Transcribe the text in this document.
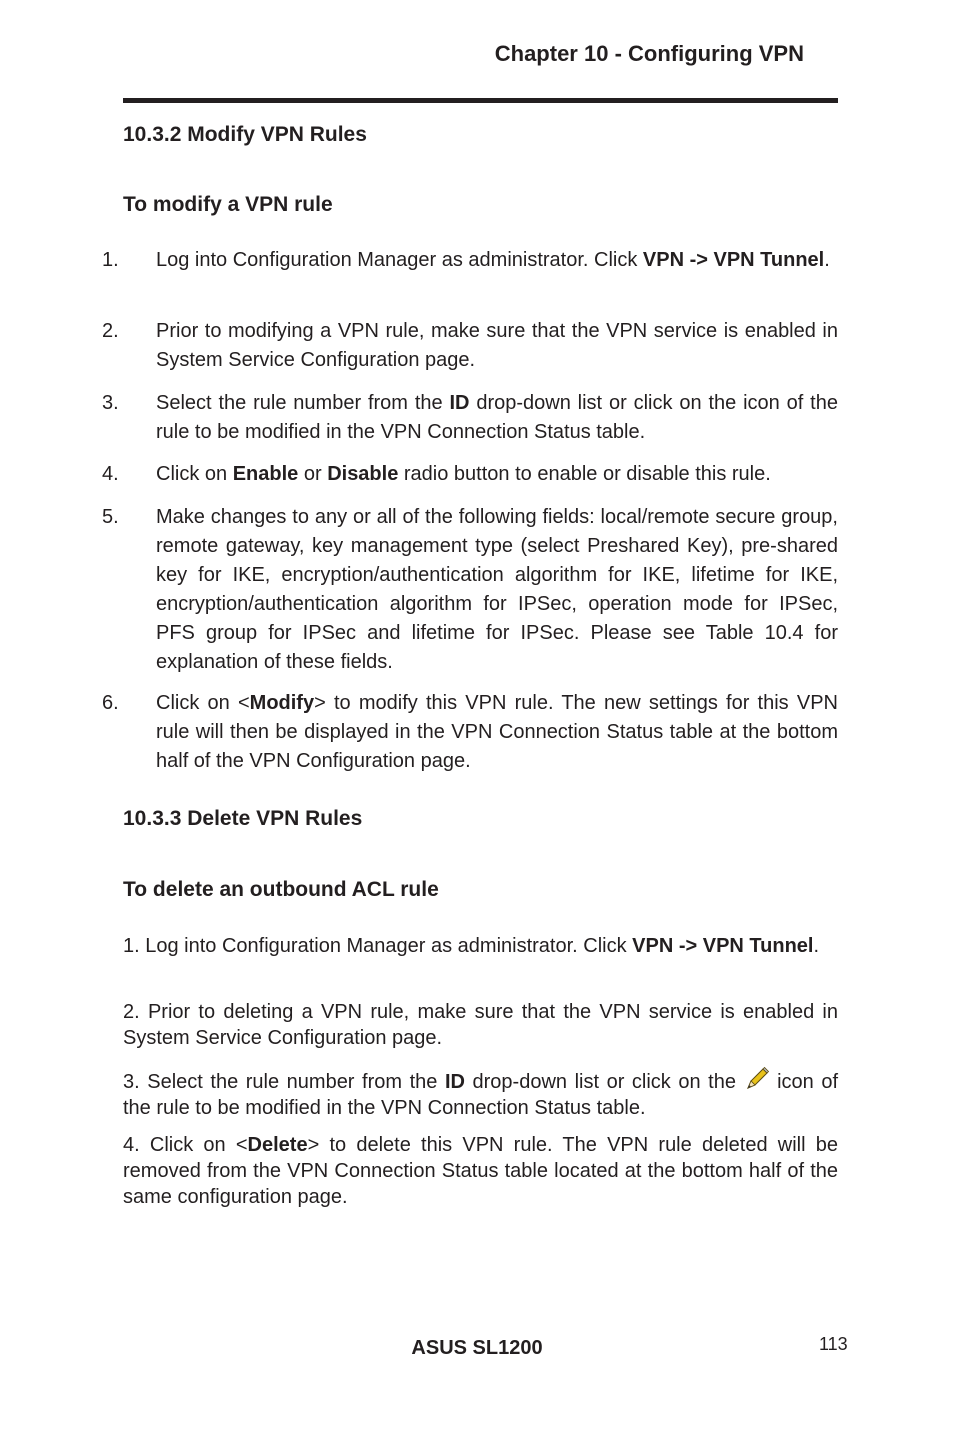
Chapter 10 - Configuring VPN
10.3.2 Modify VPN Rules
To modify a VPN rule

1. Log into Configuration Manager as administrator. Click VPN -> VPN Tunnel.

2. Prior to modifying a VPN rule, make sure that the VPN service is enabled in System Service Configuration page.

3. Select the rule number from the ID drop-down list or click on the icon of the rule to be modified in the VPN Connection Status table.

4. Click on Enable or Disable radio button to enable or disable this rule.

5. Make changes to any or all of the following fields: local/remote secure group, remote gateway, key management type (select Preshared Key), pre-shared key for IKE, encryption/authentication algorithm for IKE, lifetime for IKE, encryption/authentication algorithm for IPSec, operation mode for IPSec, PFS group for IPSec and lifetime for IPSec. Please see Table 10.4 for explanation of these fields.

6. Click on <Modify> to modify this VPN rule. The new settings for this VPN rule will then be displayed in the VPN Connection Status table at the bottom half of the VPN Configuration page.

10.3.3 Delete VPN Rules
To delete an outbound ACL rule

1. Log into Configuration Manager as administrator. Click VPN -> VPN Tunnel.

2. Prior to deleting a VPN rule, make sure that the VPN service is enabled in System Service Configuration page.

3. Select the rule number from the ID drop-down list or click on the  icon of the rule to be modified in the VPN Connection Status table.

4. Click on <Delete> to delete this VPN rule. The VPN rule deleted will be removed from the VPN Connection Status table located at the bottom half of the same configuration page.

ASUS SL1200	113
